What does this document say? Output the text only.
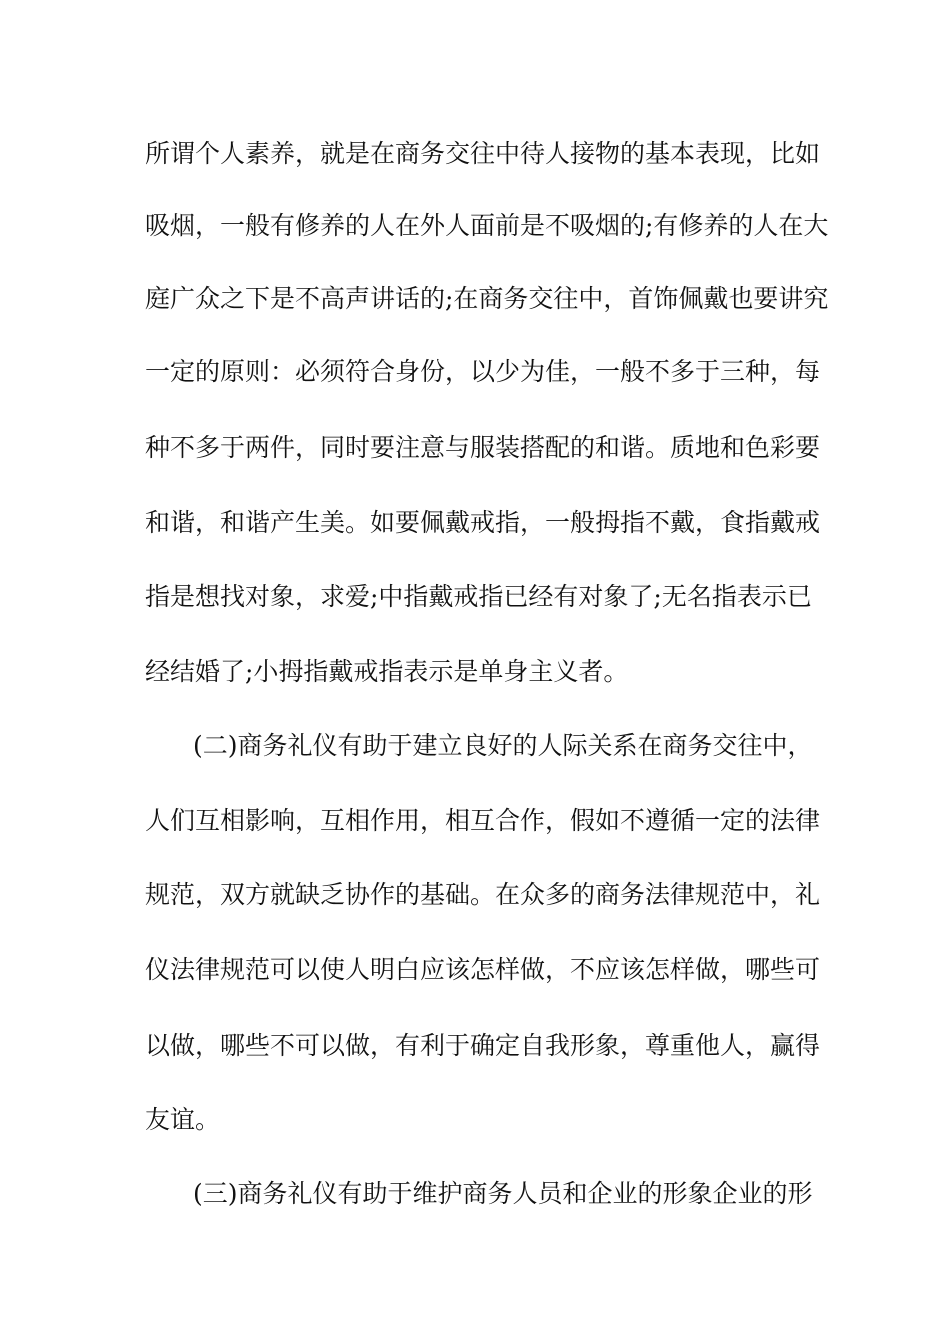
所谓个人素养，就是在商务交往中待人接物的基本表现，比如
吸烟，一般有修养的人在外人面前是不吸烟的;有修养的人在大
庭广众之下是不高声讲话的;在商务交往中，首饰佩戴也要讲究
一定的原则：必须符合身份，以少为佳，一般不多于三种，每
种不多于两件，同时要注意与服装搭配的和谐。质地和色彩要
和谐，和谐产生美。如要佩戴戒指，一般拇指不戴，食指戴戒
指是想找对象，求爱;中指戴戒指已经有对象了;无名指表示已
经结婚了;小拇指戴戒指表示是单身主义者。
(二)商务礼仪有助于建立良好的人际关系在商务交往中，
人们互相影响，互相作用，相互合作，假如不遵循一定的法律
规范，双方就缺乏协作的基础。在众多的商务法律规范中，礼
仪法律规范可以使人明白应该怎样做，不应该怎样做，哪些可
以做，哪些不可以做，有利于确定自我形象，尊重他人，赢得
友谊。
(三)商务礼仪有助于维护商务人员和企业的形象企业的形
